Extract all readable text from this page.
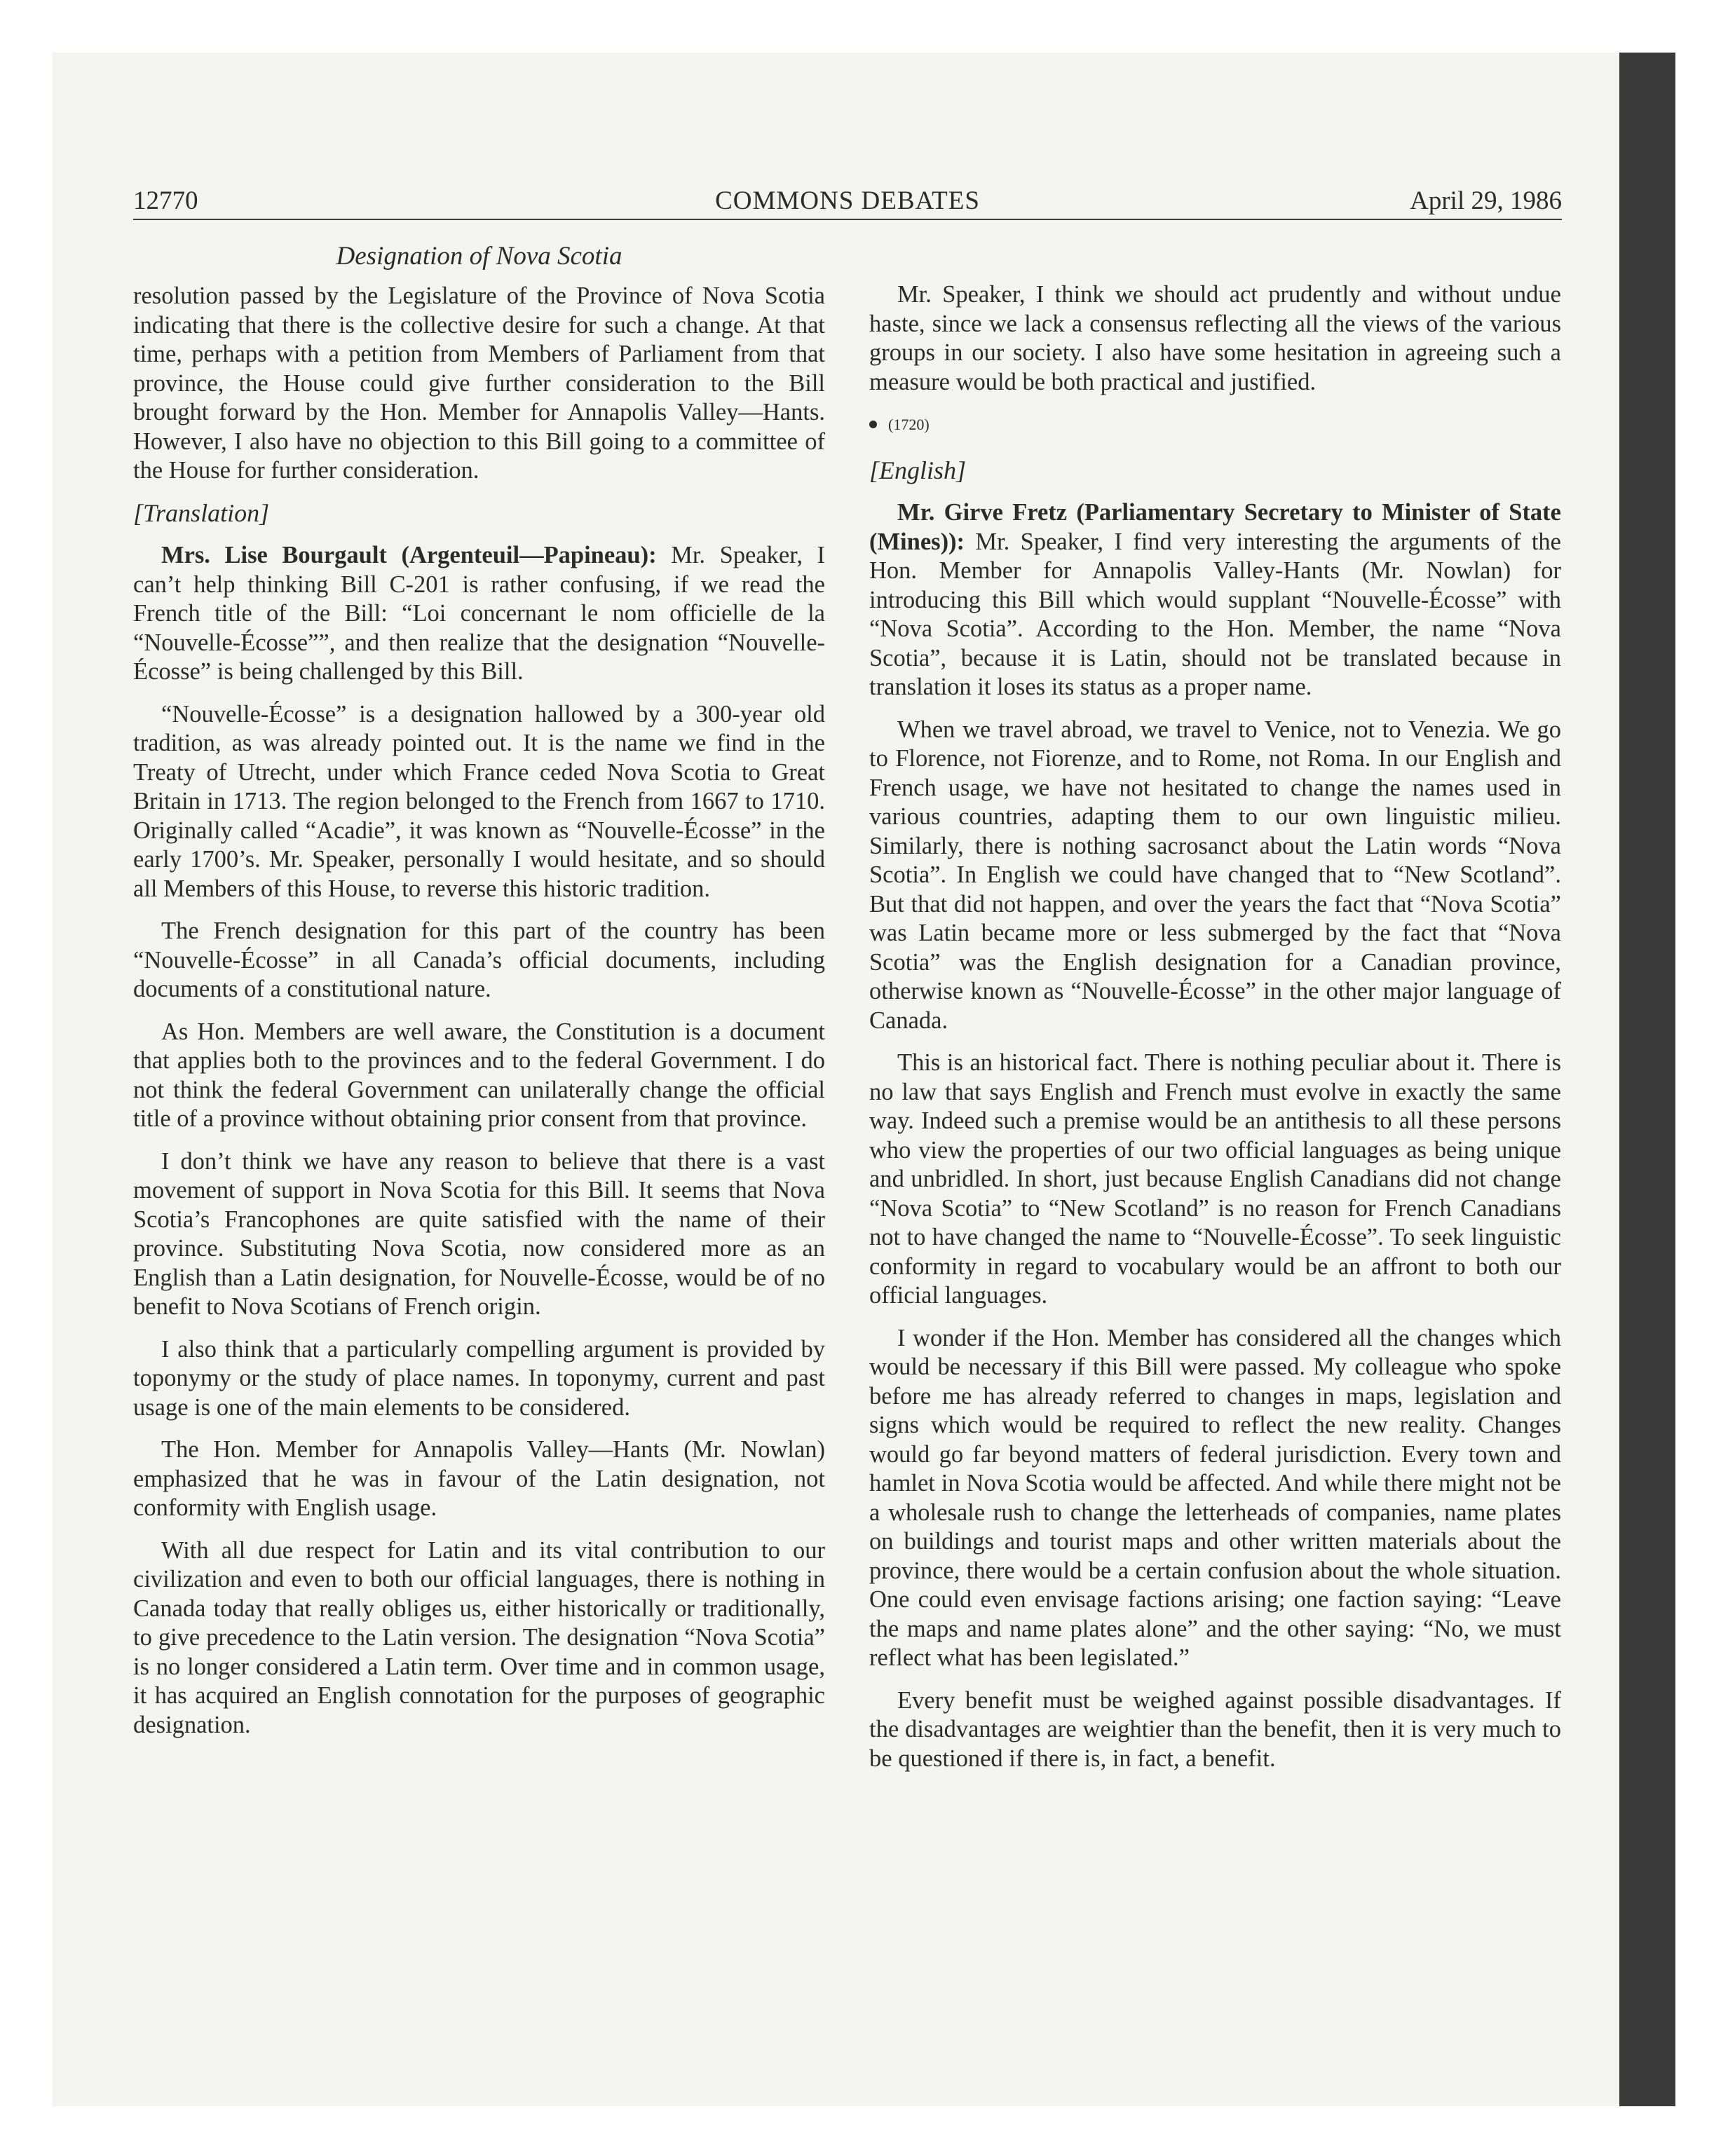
12770	COMMONS DEBATES	April 29, 1986
Designation of Nova Scotia

resolution passed by the Legislature of the Province of Nova Scotia indicating that there is the collective desire for such a change. At that time, perhaps with a petition from Members of Parliament from that province, the House could give further consideration to the Bill brought forward by the Hon. Member for Annapolis Valley—Hants. However, I also have no objection to this Bill going to a committee of the House for further consideration.

[Translation]

Mrs. Lise Bourgault (Argenteuil—Papineau): Mr. Speaker, I can’t help thinking Bill C-201 is rather confusing, if we read the French title of the Bill: “Loi concernant le nom officielle de la “Nouvelle-Écosse””, and then realize that the designation “Nouvelle-Écosse” is being challenged by this Bill.

“Nouvelle-Écosse” is a designation hallowed by a 300-year old tradition, as was already pointed out. It is the name we find in the Treaty of Utrecht, under which France ceded Nova Scotia to Great Britain in 1713. The region belonged to the French from 1667 to 1710. Originally called “Acadie”, it was known as “Nouvelle-Écosse” in the early 1700’s. Mr. Speaker, personally I would hesitate, and so should all Members of this House, to reverse this historic tradition.

The French designation for this part of the country has been “Nouvelle-Écosse” in all Canada’s official documents, including documents of a constitutional nature.

As Hon. Members are well aware, the Constitution is a document that applies both to the provinces and to the federal Government. I do not think the federal Government can unilaterally change the official title of a province without obtaining prior consent from that province.

I don’t think we have any reason to believe that there is a vast movement of support in Nova Scotia for this Bill. It seems that Nova Scotia’s Francophones are quite satisfied with the name of their province. Substituting Nova Scotia, now considered more as an English than a Latin designation, for Nouvelle-Écosse, would be of no benefit to Nova Scotians of French origin.

I also think that a particularly compelling argument is provided by toponymy or the study of place names. In toponymy, current and past usage is one of the main elements to be considered.

The Hon. Member for Annapolis Valley—Hants (Mr. Nowlan) emphasized that he was in favour of the Latin designation, not conformity with English usage.

With all due respect for Latin and its vital contribution to our civilization and even to both our official languages, there is nothing in Canada today that really obliges us, either historically or traditionally, to give precedence to the Latin version. The designation “Nova Scotia” is no longer considered a Latin term. Over time and in common usage, it has acquired an English connotation for the purposes of geographic designation.

Mr. Speaker, I think we should act prudently and without undue haste, since we lack a consensus reflecting all the views of the various groups in our society. I also have some hesitation in agreeing such a measure would be both practical and justified.

(1720)
[English]

Mr. Girve Fretz (Parliamentary Secretary to Minister of State (Mines)): Mr. Speaker, I find very interesting the arguments of the Hon. Member for Annapolis Valley-Hants (Mr. Nowlan) for introducing this Bill which would supplant “Nouvelle-Écosse” with “Nova Scotia”. According to the Hon. Member, the name “Nova Scotia”, because it is Latin, should not be translated because in translation it loses its status as a proper name.

When we travel abroad, we travel to Venice, not to Venezia. We go to Florence, not Fiorenze, and to Rome, not Roma. In our English and French usage, we have not hesitated to change the names used in various countries, adapting them to our own linguistic milieu. Similarly, there is nothing sacrosanct about the Latin words “Nova Scotia”. In English we could have changed that to “New Scotland”. But that did not happen, and over the years the fact that “Nova Scotia” was Latin became more or less submerged by the fact that “Nova Scotia” was the English designation for a Canadian province, otherwise known as “Nouvelle-Écosse” in the other major language of Canada.

This is an historical fact. There is nothing peculiar about it. There is no law that says English and French must evolve in exactly the same way. Indeed such a premise would be an antithesis to all these persons who view the properties of our two official languages as being unique and unbridled. In short, just because English Canadians did not change “Nova Scotia” to “New Scotland” is no reason for French Canadians not to have changed the name to “Nouvelle-Écosse”. To seek linguistic conformity in regard to vocabulary would be an affront to both our official languages.

I wonder if the Hon. Member has considered all the changes which would be necessary if this Bill were passed. My colleague who spoke before me has already referred to changes in maps, legislation and signs which would be required to reflect the new reality. Changes would go far beyond matters of federal jurisdiction. Every town and hamlet in Nova Scotia would be affected. And while there might not be a wholesale rush to change the letterheads of companies, name plates on buildings and tourist maps and other written materials about the province, there would be a certain confusion about the whole situation. One could even envisage factions arising; one faction saying: “Leave the maps and name plates alone” and the other saying: “No, we must reflect what has been legislated.”

Every benefit must be weighed against possible disadvantages. If the disadvantages are weightier than the benefit, then it is very much to be questioned if there is, in fact, a benefit.
